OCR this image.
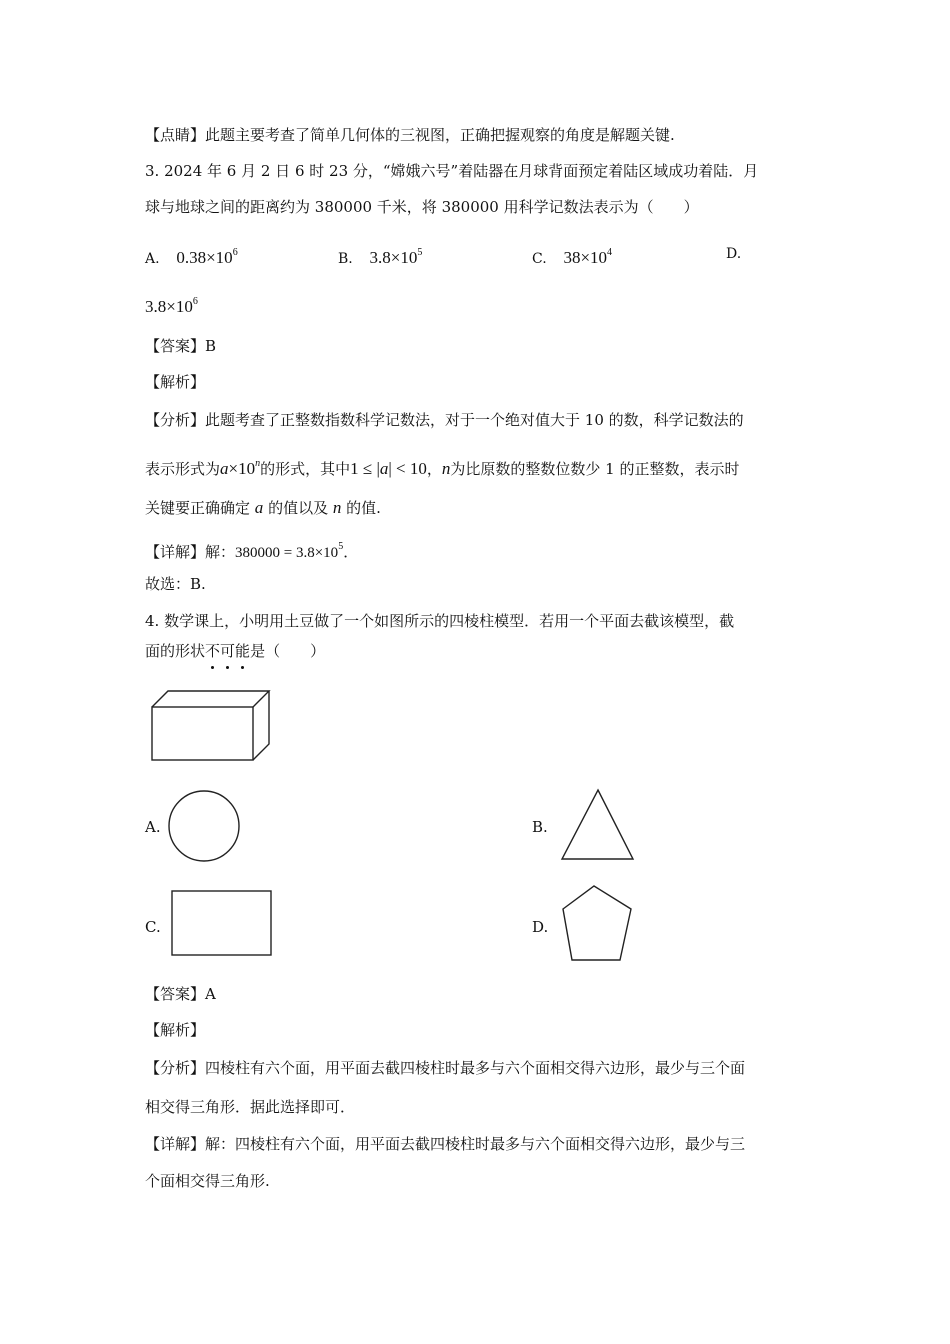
【点睛】此题主要考查了简单几何体的三视图，正确把握观察的角度是解题关键.
3. 2024 年 6 月 2 日 6 时 23 分，“嫦娥六号”着陆器在月球背面预定着陆区域成功着陆．月
球与地球之间的距离约为 380000 千米，将 380000 用科学记数法表示为（　　）
A. $0.38\times 10^6$	B. $3.8\times 10^5$	C. $38\times 10^4$	D.
$3.8\times 10^6$
【答案】B
【解析】
【分析】此题考查了正整数指数科学记数法，对于一个绝对值大于 10 的数，科学记数法的
表示形式为$a\times 10^n$的形式，其中1 ≤ |a| < 10，n为比原数的整数位数少 1 的正整数，表示时
关键要正确确定 a 的值以及 n 的值.
【详解】解：$380000 = 3.8\times 10^5$．
故选：B.
4. 数学课上，小明用土豆做了一个如图所示的四棱柱模型．若用一个平面去截该模型，截
面的形状不可能是（　　）
A.	B.
C.	D.
【答案】A
【解析】
【分析】四棱柱有六个面，用平面去截四棱柱时最多与六个面相交得六边形，最少与三个面
相交得三角形．据此选择即可．
【详解】解：四棱柱有六个面，用平面去截四棱柱时最多与六个面相交得六边形，最少与三
个面相交得三角形.
